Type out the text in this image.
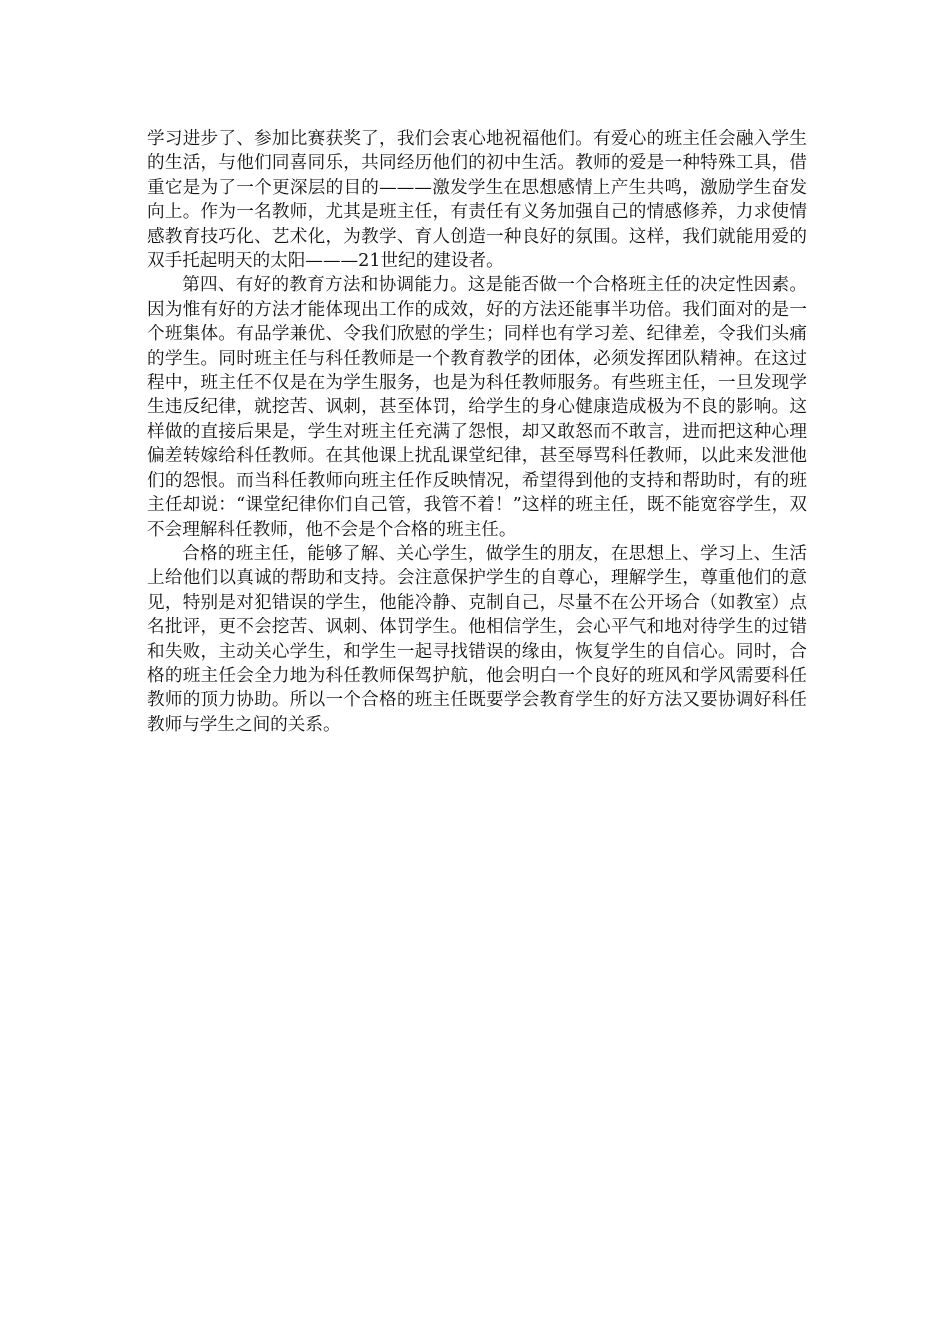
学习进步了、参加比赛获奖了，我们会衷心地祝福他们。有爱心的班主任会融入学生的生活，与他们同喜同乐，共同经历他们的初中生活。教师的爱是一种特殊工具，借重它是为了一个更深层的目的———激发学生在思想感情上产生共鸣，激励学生奋发向上。作为一名教师，尤其是班主任，有责任有义务加强自己的情感修养，力求使情感教育技巧化、艺术化，为教学、育人创造一种良好的氛围。这样，我们就能用爱的双手托起明天的太阳———21世纪的建设者。

第四、有好的教育方法和协调能力。这是能否做一个合格班主任的决定性因素。因为惟有好的方法才能体现出工作的成效，好的方法还能事半功倍。我们面对的是一个班集体。有品学兼优、令我们欣慰的学生；同样也有学习差、纪律差，令我们头痛的学生。同时班主任与科任教师是一个教育教学的团体，必须发挥团队精神。在这过程中，班主任不仅是在为学生服务，也是为科任教师服务。有些班主任，一旦发现学生违反纪律，就挖苦、讽刺，甚至体罚，给学生的身心健康造成极为不良的影响。这样做的直接后果是，学生对班主任充满了怨恨，却又敢怒而不敢言，进而把这种心理偏差转嫁给科任教师。在其他课上扰乱课堂纪律，甚至辱骂科任教师，以此来发泄他们的怨恨。而当科任教师向班主任作反映情况，希望得到他的支持和帮助时，有的班主任却说：“课堂纪律你们自己管，我管不着！”这样的班主任，既不能宽容学生，双不会理解科任教师，他不会是个合格的班主任。

合格的班主任，能够了解、关心学生，做学生的朋友，在思想上、学习上、生活上给他们以真诚的帮助和支持。会注意保护学生的自尊心，理解学生，尊重他们的意见，特别是对犯错误的学生，他能冷静、克制自己，尽量不在公开场合（如教室）点名批评，更不会挖苦、讽刺、体罚学生。他相信学生，会心平气和地对待学生的过错和失败，主动关心学生，和学生一起寻找错误的缘由，恢复学生的自信心。同时，合格的班主任会全力地为科任教师保驾护航，他会明白一个良好的班风和学风需要科任教师的顶力协助。所以一个合格的班主任既要学会教育学生的好方法又要协调好科任教师与学生之间的关系。
